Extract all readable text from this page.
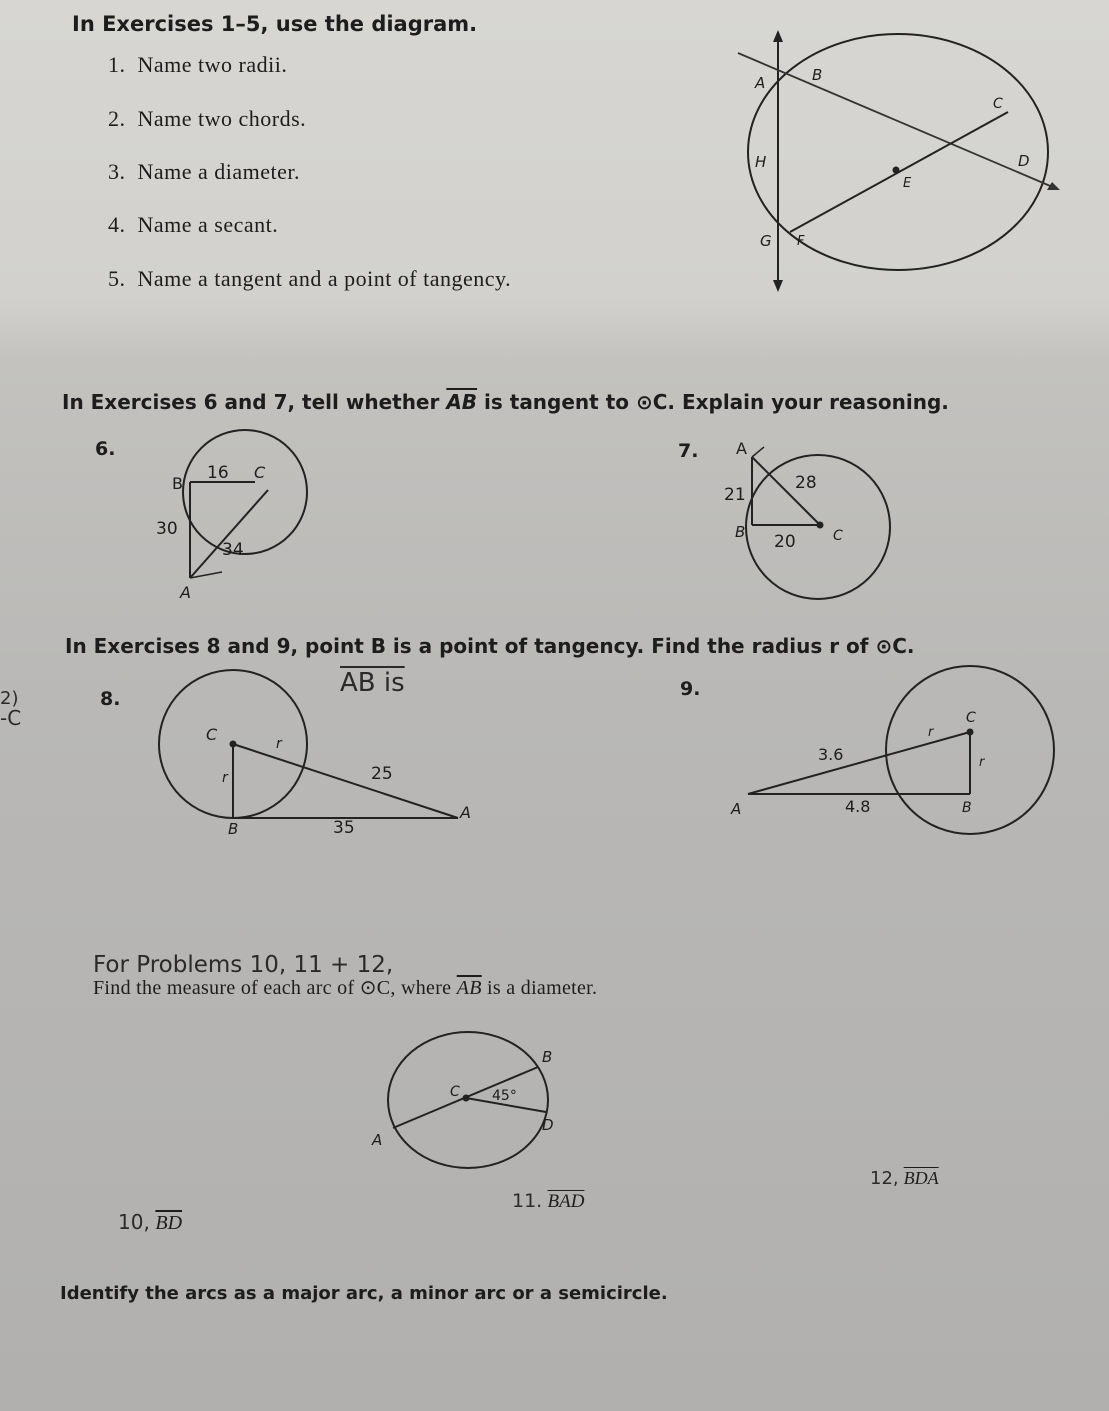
In Exercises 1–5, use the diagram.
1. Name two radii.
2. Name two chords.
3. Name a diameter.
4. Name a secant.
5. Name a tangent and a point of tangency.
A	B
C
D
E
H
G F
In Exercises 6 and 7, tell whether $\overline{AB}$ is tangent to ⊙C. Explain your reasoning.
6.
B
16 C
30
34
A
7. A
21
28
B 20	C
In Exercises 8 and 9, point B is a point of tangency. Find the radius r of ⊙C.
2)
-C
AB is
8.
C	r
r	25
B	35
A
9.
C
r
r
3.6
4.8
A	B
For Problems 10, 11 + 12,
Find the measure of each arc of ⊙C, where $\overline{AB}$ is a diameter.
B
C 45°
D
A
10, $\overline{BD}$
11. $\overline{BAD}$
12, $\overline{BDA}$
Identify the arcs as a major arc, a minor arc or a semicircle.
